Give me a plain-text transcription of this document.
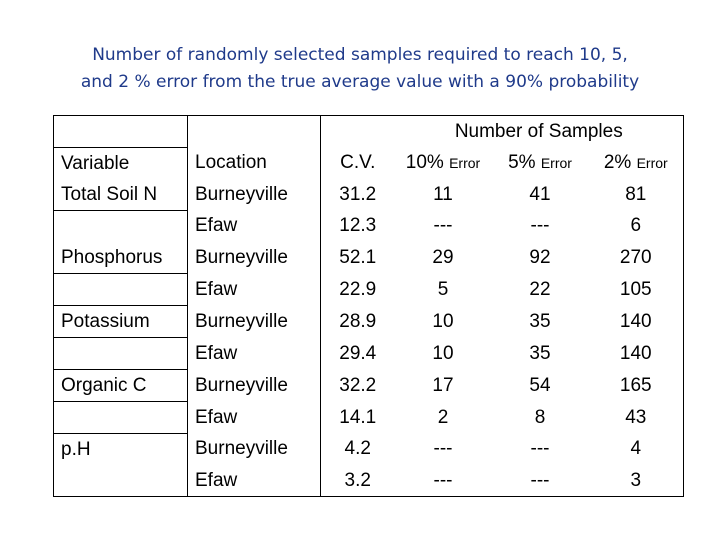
Number of randomly selected samples required to reach 10, 5,
and 2 % error from the true average value with a 90% probability
			Number of Samples		
Variable	Location	C.V.	10% Error	5% Error	2% Error
Total Soil N	Burneyville	31.2	11	41	81
	Efaw	12.3	---	---	6
Phosphorus	Burneyville	52.1	29	92	270
	Efaw	22.9	5	22	105
Potassium	Burneyville	28.9	10	35	140
	Efaw	29.4	10	35	140
Organic C	Burneyville	32.2	17	54	165
	Efaw	14.1	2	8	43
p.H	Burneyville	4.2	---	---	4
	Efaw	3.2	---	---	3
